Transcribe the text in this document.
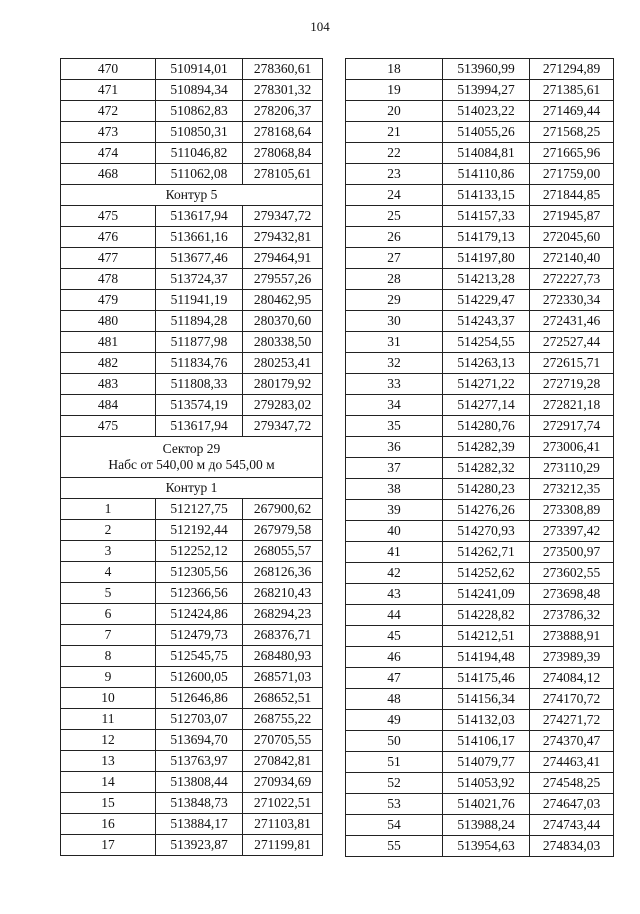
104
470	510914,01	278360,61
471	510894,34	278301,32
472	510862,83	278206,37
473	510850,31	278168,64
474	511046,82	278068,84
468	511062,08	278105,61
Контур 5		
475	513617,94	279347,72
476	513661,16	279432,81
477	513677,46	279464,91
478	513724,37	279557,26
479	511941,19	280462,95
480	511894,28	280370,60
481	511877,98	280338,50
482	511834,76	280253,41
483	511808,33	280179,92
484	513574,19	279283,02
475	513617,94	279347,72

Сектор 29
Набс от 540,00 м до 545,00 м		

Контур 1		
1	512127,75	267900,62
2	512192,44	267979,58
3	512252,12	268055,57
4	512305,56	268126,36
5	512366,56	268210,43
6	512424,86	268294,23
7	512479,73	268376,71
8	512545,75	268480,93
9	512600,05	268571,03
10	512646,86	268652,51
11	512703,07	268755,22
12	513694,70	270705,55
13	513763,97	270842,81
14	513808,44	270934,69
15	513848,73	271022,51
16	513884,17	271103,81
17	513923,87	271199,81
18	513960,99	271294,89
19	513994,27	271385,61
20	514023,22	271469,44
21	514055,26	271568,25
22	514084,81	271665,96
23	514110,86	271759,00
24	514133,15	271844,85
25	514157,33	271945,87
26	514179,13	272045,60
27	514197,80	272140,40
28	514213,28	272227,73
29	514229,47	272330,34
30	514243,37	272431,46
31	514254,55	272527,44
32	514263,13	272615,71
33	514271,22	272719,28
34	514277,14	272821,18
35	514280,76	272917,74
36	514282,39	273006,41
37	514282,32	273110,29
38	514280,23	273212,35
39	514276,26	273308,89
40	514270,93	273397,42
41	514262,71	273500,97
42	514252,62	273602,55
43	514241,09	273698,48
44	514228,82	273786,32
45	514212,51	273888,91
46	514194,48	273989,39
47	514175,46	274084,12
48	514156,34	274170,72
49	514132,03	274271,72
50	514106,17	274370,47
51	514079,77	274463,41
52	514053,92	274548,25
53	514021,76	274647,03
54	513988,24	274743,44
55	513954,63	274834,03
